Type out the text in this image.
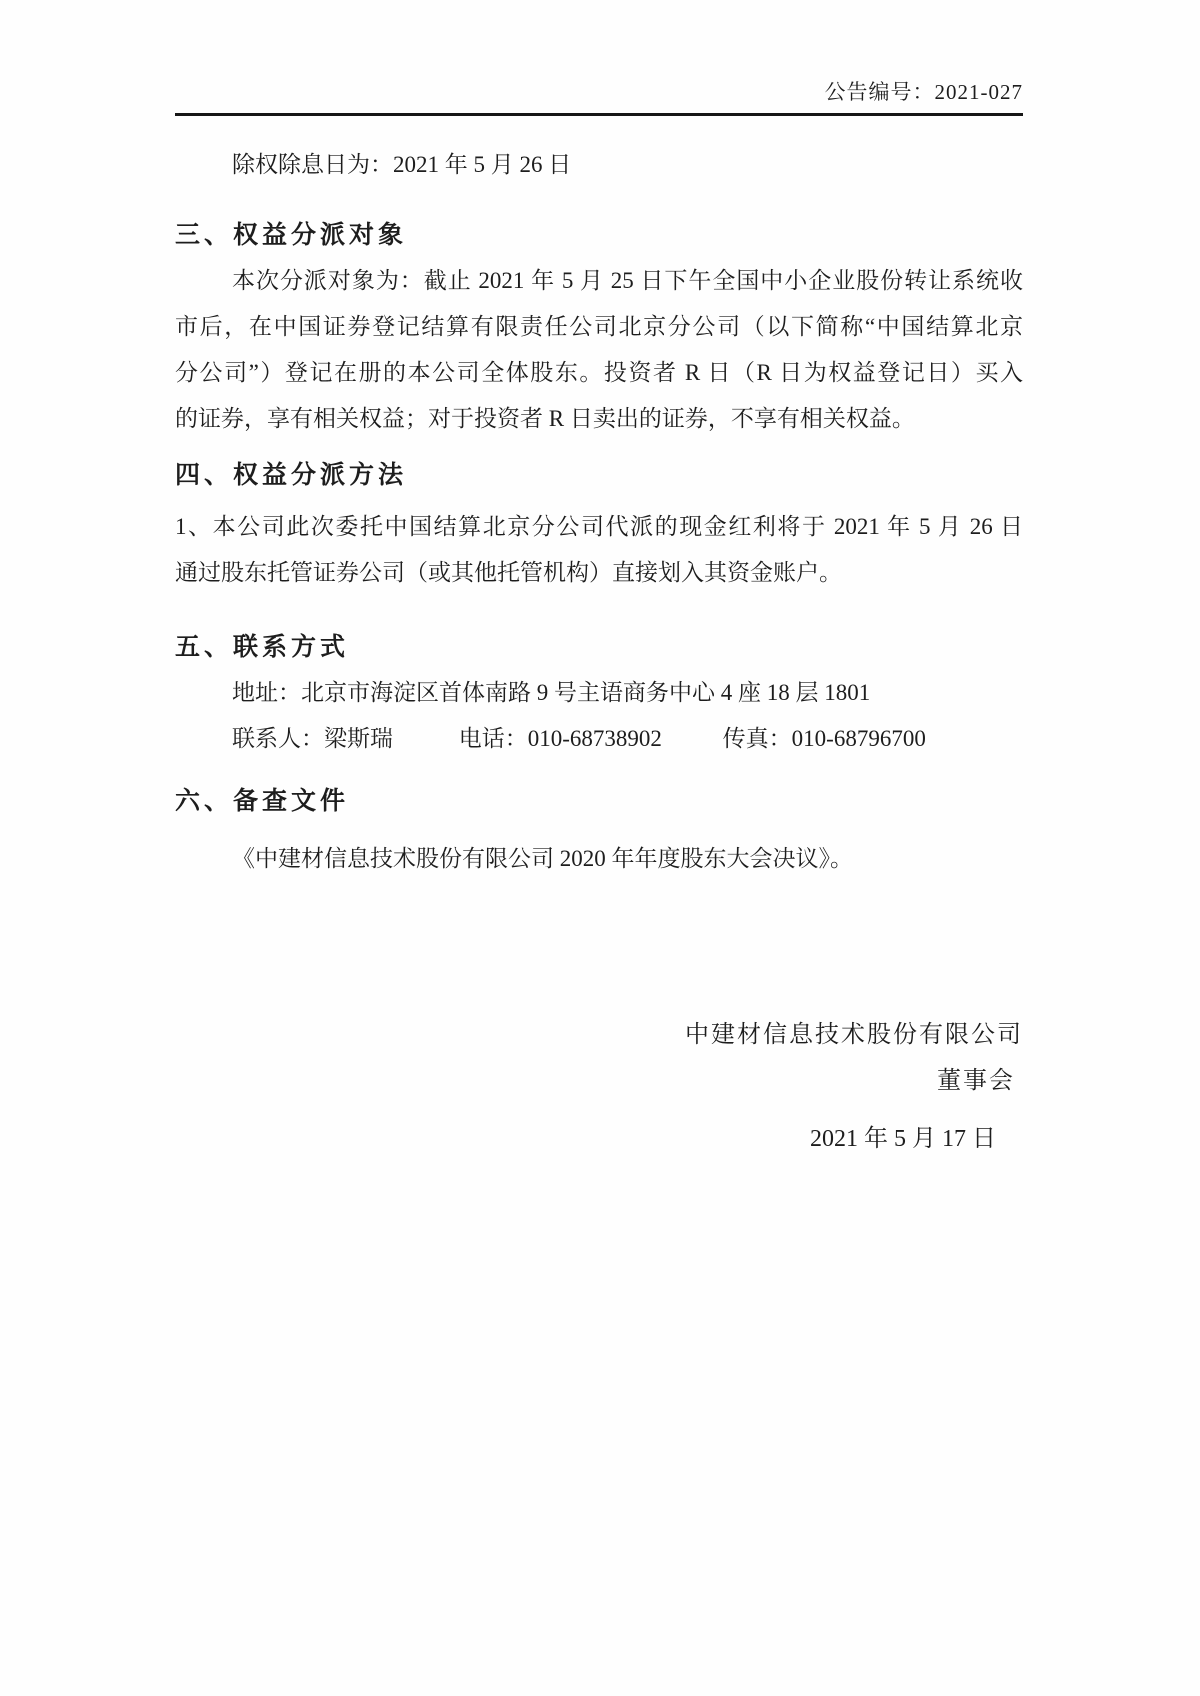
公告编号：2021-027
除权除息日为：2021 年 5 月 26 日
三、权益分派对象
本次分派对象为：截止 2021 年 5 月 25 日下午全国中小企业股份转让系统收
市后，在中国证券登记结算有限责任公司北京分公司（以下简称“中国结算北京
分公司”）登记在册的本公司全体股东。投资者 R 日（R 日为权益登记日）买入
的证券，享有相关权益；对于投资者 R 日卖出的证券，不享有相关权益。
四、权益分派方法
1、本公司此次委托中国结算北京分公司代派的现金红利将于 2021 年 5 月 26 日
通过股东托管证券公司（或其他托管机构）直接划入其资金账户。
五、联系方式
地址：北京市海淀区首体南路 9 号主语商务中心 4 座 18 层 1801
联系人：梁斯瑞	电话：010-68738902	传真：010-68796700
六、备查文件
《中建材信息技术股份有限公司 2020 年年度股东大会决议》。
中建材信息技术股份有限公司
董事会
2021 年 5 月 17 日
